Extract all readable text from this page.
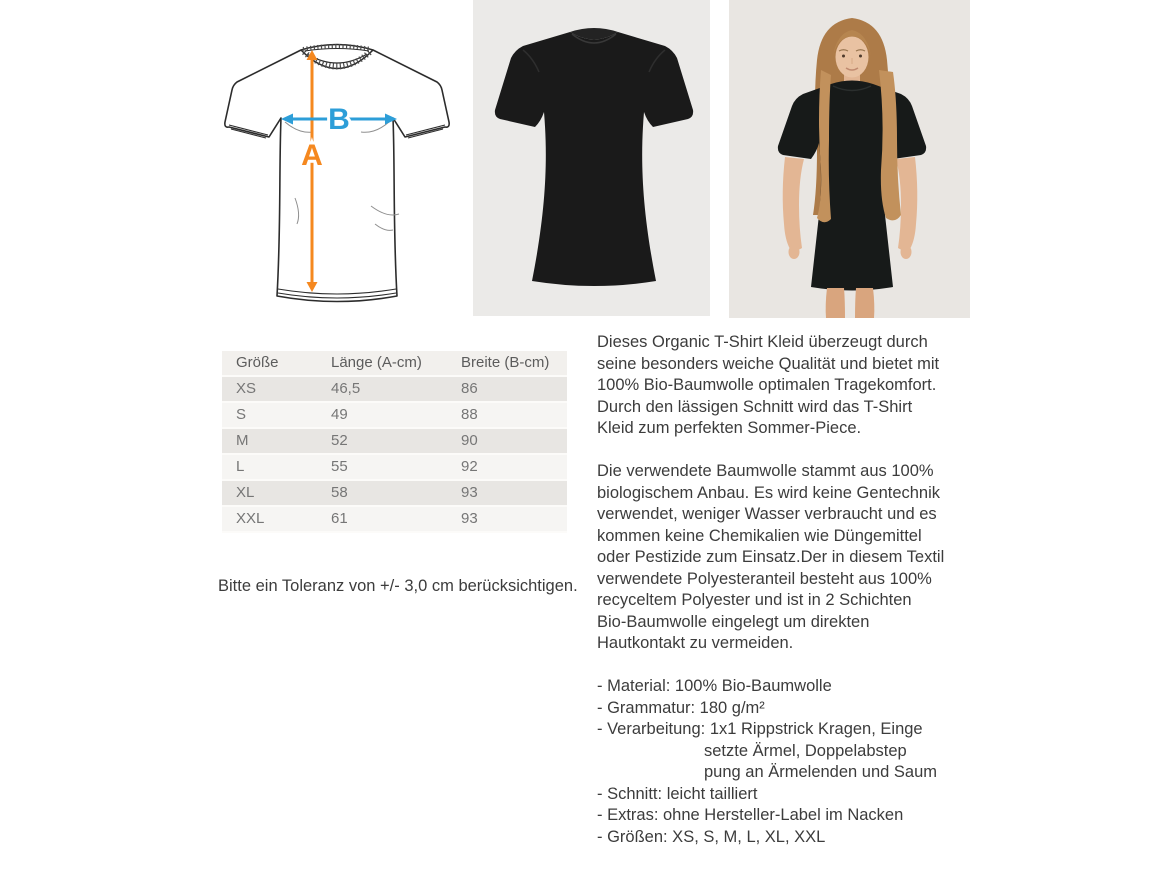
A
B
Größe	Länge (A-cm)	Breite (B-cm)
XS	46,5	86
S	49	88
M	52	90
L	55	92
XL	58	93
XXL	61	93

Bitte ein Toleranz von +/- 3,0 cm berücksichtigen.

Dieses Organic T-Shirt Kleid überzeugt durch seine besonders weiche Qualität und bietet mit 100% Bio-Baumwolle optimalen Tragekomfort. Durch den lässigen Schnitt wird das T-Shirt Kleid zum perfekten Sommer-Piece.

Die verwendete Baumwolle stammt aus 100% biologischem Anbau. Es wird keine Gentechnik verwendet, weniger Wasser verbraucht und es kommen keine Chemikalien wie Düngemittel oder Pestizide zum Einsatz.Der in diesem Textil verwendete Polyesteranteil besteht aus 100% recyceltem Polyester und ist in 2 Schichten Bio-Baumwolle eingelegt um direkten Hautkontakt zu vermeiden.

- Material: 100% Bio-Baumwolle
- Grammatur: 180 g/m²
- Verarbeitung: 1x1 Rippstrick Kragen, Einge
setzte Ärmel, Doppelabstep
pung an Ärmelenden und Saum
- Schnitt: leicht tailliert
- Extras: ohne Hersteller-Label im Nacken
- Größen: XS, S, M, L, XL, XXL
